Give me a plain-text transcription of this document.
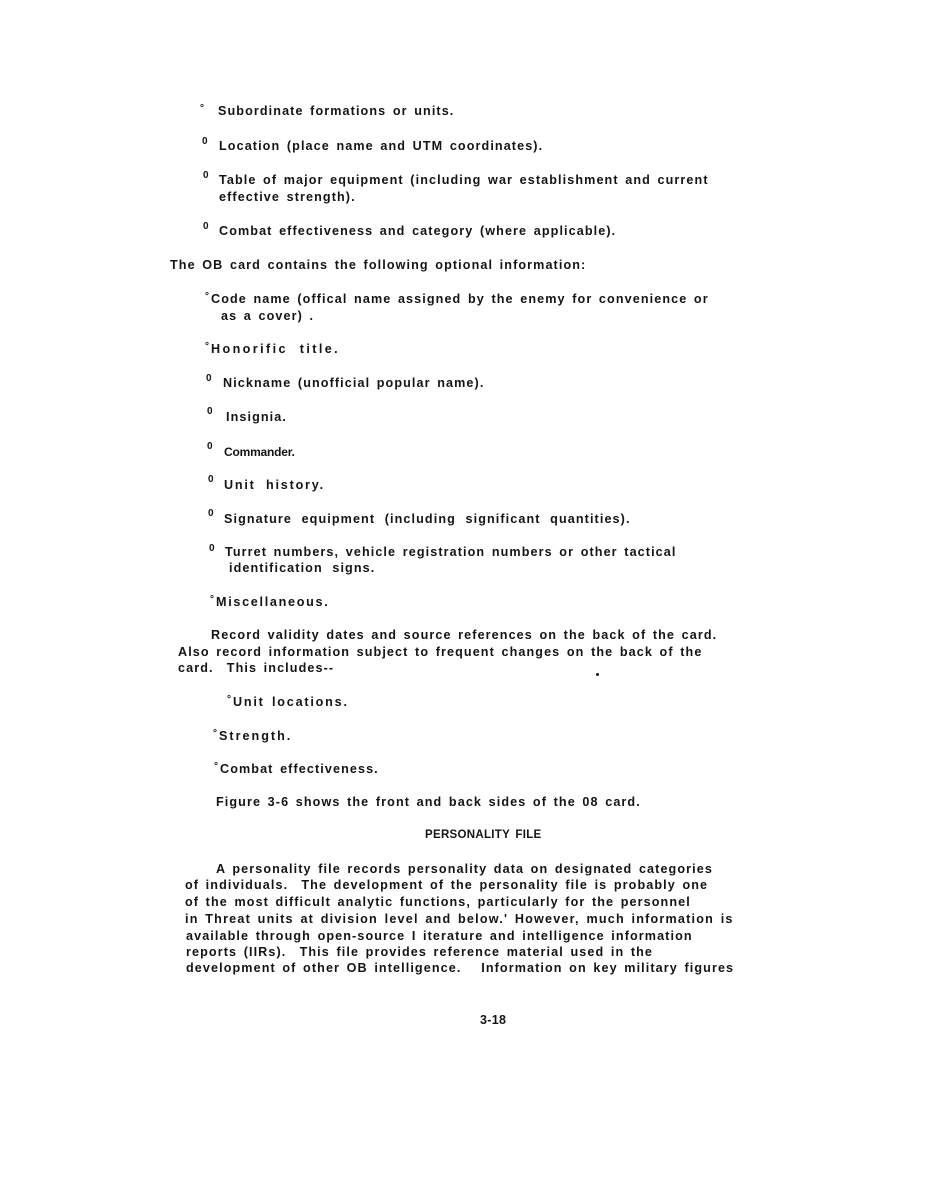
° Subordinate formations or units.
0 Location (place name and UTM coordinates).
0 Table of major equipment (including war establishment and current
effective strength).
0 Combat effectiveness and category (where applicable).
The OB card contains the following optional information:
° Code name (offical name assigned by the enemy for convenience or
as a cover) .
° Honorific title.
0 Nickname (unofficial popular name).
0 Insignia.
0 Commander.
0 Unit history.
0 Signature equipment (including significant quantities).
0 Turret numbers, vehicle registration numbers or other tactical
identification signs.
° Miscellaneous.
Record validity dates and source references on the back of the card.
Also record information subject to frequent changes on the back of the
card.  This includes--
° Unit locations.
° Strength.
° Combat effectiveness.
Figure 3-6 shows the front and back sides of the 08 card.
PERSONALITY FILE
A personality file records personality data on designated categories
of individuals.  The development of the personality file is probably one
of the most difficult analytic functions, particularly for the personnel
in Threat units at division level and below.' However, much information is
available through open-source I iterature and intelligence information
reports (IIRs).  This file provides reference material used in the
development of other OB intelligence.   Information on key military figures
3-18
